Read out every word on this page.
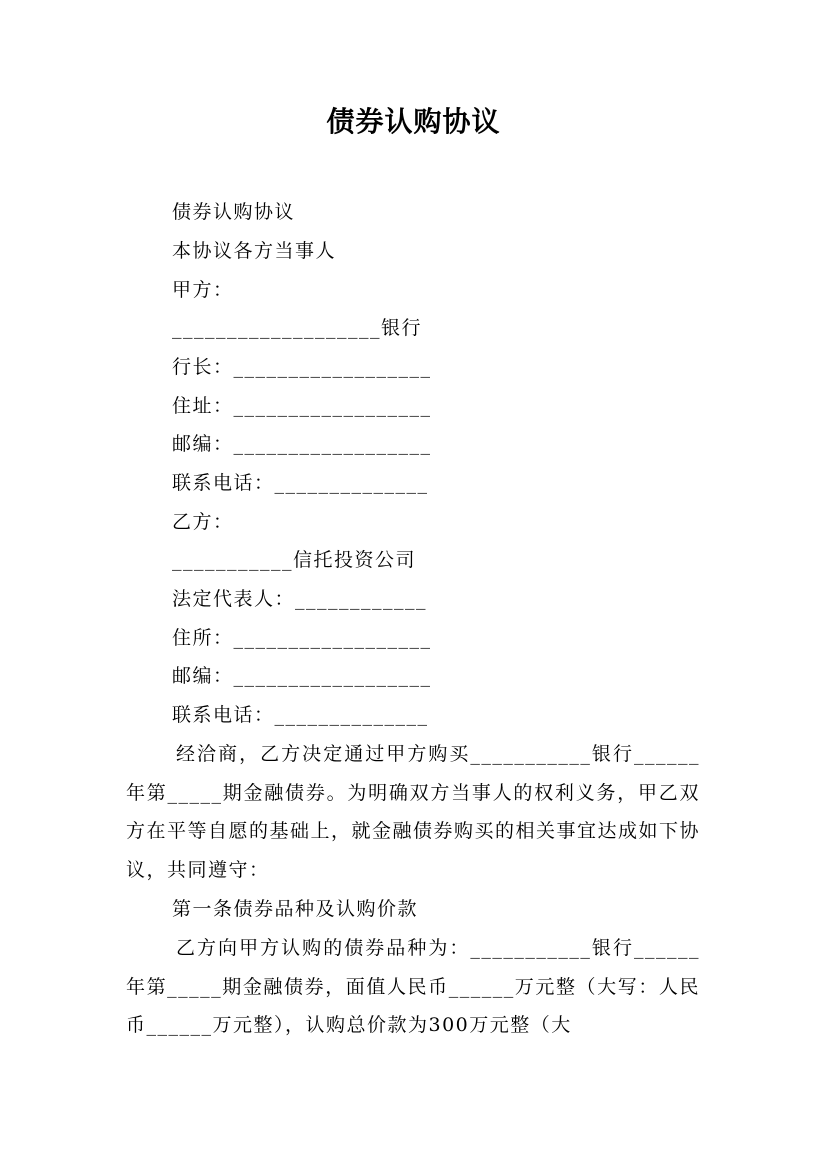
债券认购协议
债券认购协议
本协议各方当事人
甲方：
___________________银行
行长：__________________
住址：__________________
邮编：__________________
联系电话：______________
乙方：
___________信托投资公司
法定代表人：____________
住所：__________________
邮编：__________________
联系电话：______________
经洽商，乙方决定通过甲方购买___________银行______年第_____期金融债券。为明确双方当事人的权利义务，甲乙双方在平等自愿的基础上，就金融债券购买的相关事宜达成如下协议，共同遵守：
第一条债券品种及认购价款
乙方向甲方认购的债券品种为：___________银行______年第_____期金融债券，面值人民币______万元整（大写：人民币______万元整），认购总价款为300万元整（大
